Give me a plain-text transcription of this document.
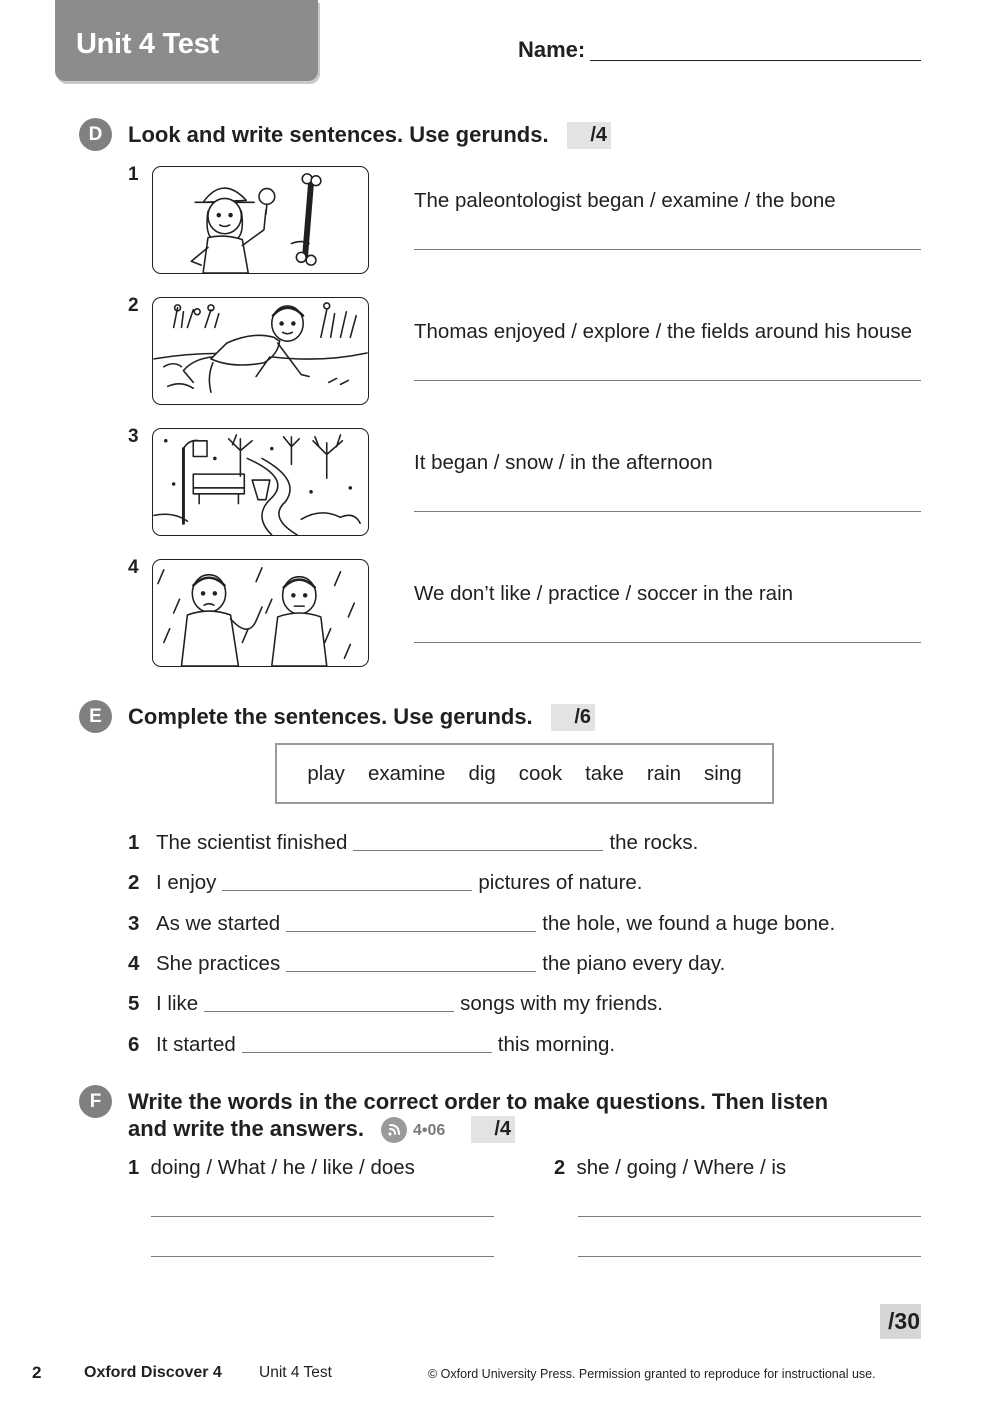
Unit 4 Test	Name:
D	Look and write sentences. Use gerunds.	/4
1
The paleontologist began / examine / the bone
2
Thomas enjoyed / explore / the fields around his house
3
It began / snow / in the afternoon
4
We don’t like / practice / soccer in the rain
E	Complete the sentences. Use gerunds.	/6
play examine dig cook take rain sing
1 The scientist finished	the rocks.
2 I enjoy	pictures of nature.
3 As we started	the hole, we found a huge bone.
4 She practices	the piano every day.
5 I like	songs with my friends.
6 It started	this morning.
F	Write the words in the correct order to make questions. Then listen
and write the answers.	4•06	/4
1 doing / What / he / like / does	2 she / going / Where / is
/30
2	Oxford Discover 4 Unit 4 Test	© Oxford University Press. Permission granted to reproduce for instructional use.
